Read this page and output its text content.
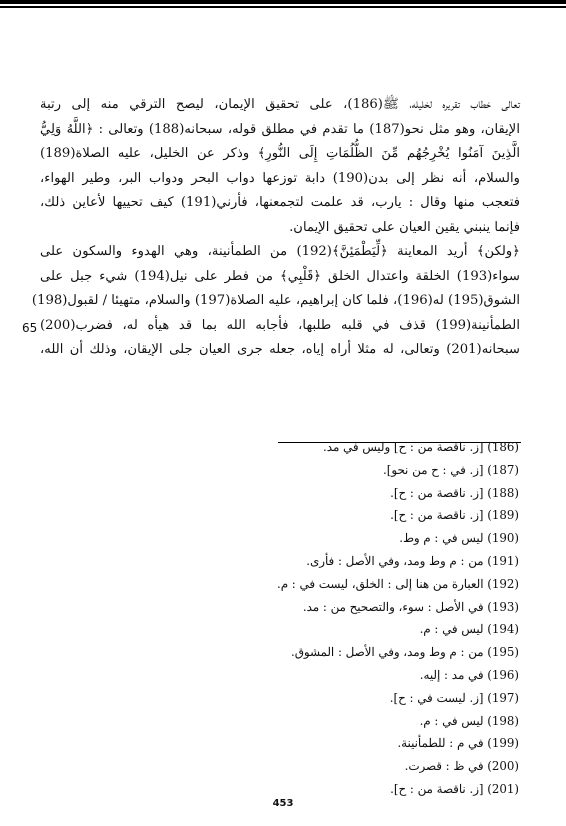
تعالى خطاب تقريره لخليله، ﷺ(186)، على تحقيق الإيمان، ليصح الترقي منه إلى رتبة
الإيقان، وهو مثل نحو(187) ما تقدم في مطلق قوله، سبحانه(188) وتعالى : ﴿اللَّهُ وَلِيُّ
الَّذِينَ آمَنُوا يُخْرِجُهُم مِّنَ الظُّلُمَاتِ إِلَى النُّورِ﴾ وذكر عن الخليل، عليه الصلاة(189)
والسلام، أنه نظر إلى بدن(190) دابة توزعها دواب البحر ودواب البر، وطير الهواء،
فتعجب منها وقال : يارب، قد علمت لتجمعنها، فأرني(191) كيف تحييها لأعاين ذلك،
فإنما ينبني يقين العيان على تحقيق الإيمان.
﴿ولكن﴾ أريد المعاينة ﴿لِّيَطْمَئِنَّ﴾(192) من الطمأنينة، وهي الهدوء والسكون على
سواء(193) الخلقة واعتدال الخلق ﴿قَلْبِي﴾ من فطر على نيل(194) شيء جبل على
الشوق(195) له(196)، فلما كان إبراهيم، عليه الصلاة(197) والسلام، متهيئا / لقبول(198)
الطمأنينة(199) قذف في قلبه طلبها، فأجابه الله بما قد هيأه له، فضرب(200)
سبحانه(201) وتعالى، له مثلا أراه إياه، جعله جرى العيان جلى الإيقان، وذلك أن الله،
65
(186) [ز. ناقصة من : ح] وليس في مد.
(187) [ز. في : ح من نحو].
(188) [ز. ناقصة من : ح].
(189) [ز. ناقصة من : ح].
(190) ليس في : م وط.
(191) من : م وط ومد، وفي الأصل : فأرى.
(192) العبارة من هنا إلى : الخلق، ليست في : م.
(193) في الأصل : سوء، والتصحيح من : مد.
(194) ليس في : م.
(195) من : م وط ومد، وفي الأصل : المشوق.
(196) في مد : إليه.
(197) [ز. ليست في : ح].
(198) ليس في : م.
(199) في م : للطمأنينة.
(200) في ظ : قصرت.
(201) [ز. ناقصة من : ح].
453
